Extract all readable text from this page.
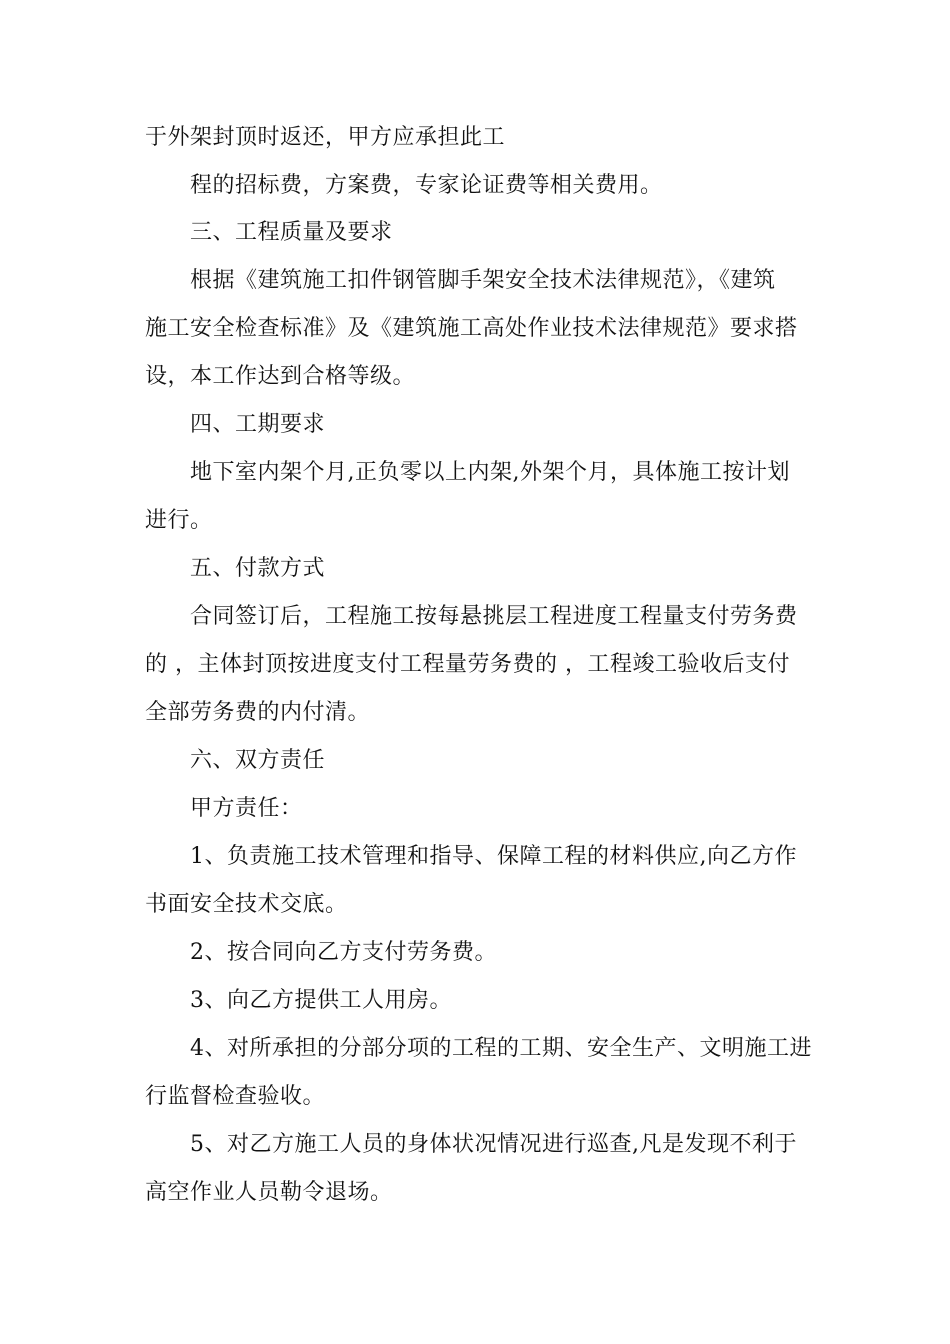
于外架封顶时返还，甲方应承担此工
程的招标费，方案费，专家论证费等相关费用。
三、工程质量及要求
根据《建筑施工扣件钢管脚手架安全技术法律规范》，《建筑
施工安全检查标准》及《建筑施工高处作业技术法律规范》要求搭
设，本工作达到合格等级。
四、工期要求
地下室内架个月,正负零以上内架,外架个月，具体施工按计划
进行。
五、付款方式
合同签订后，工程施工按每悬挑层工程进度工程量支付劳务费
的 ，主体封顶按进度支付工程量劳务费的 ，工程竣工验收后支付
全部劳务费的内付清。
六、双方责任
甲方责任：
1、负责施工技术管理和指导、保障工程的材料供应,向乙方作
书面安全技术交底。
2、按合同向乙方支付劳务费。
3、向乙方提供工人用房。
4、对所承担的分部分项的工程的工期、安全生产、文明施工进
行监督检查验收。
5、对乙方施工人员的身体状况情况进行巡查,凡是发现不利于
高空作业人员勒令退场。
